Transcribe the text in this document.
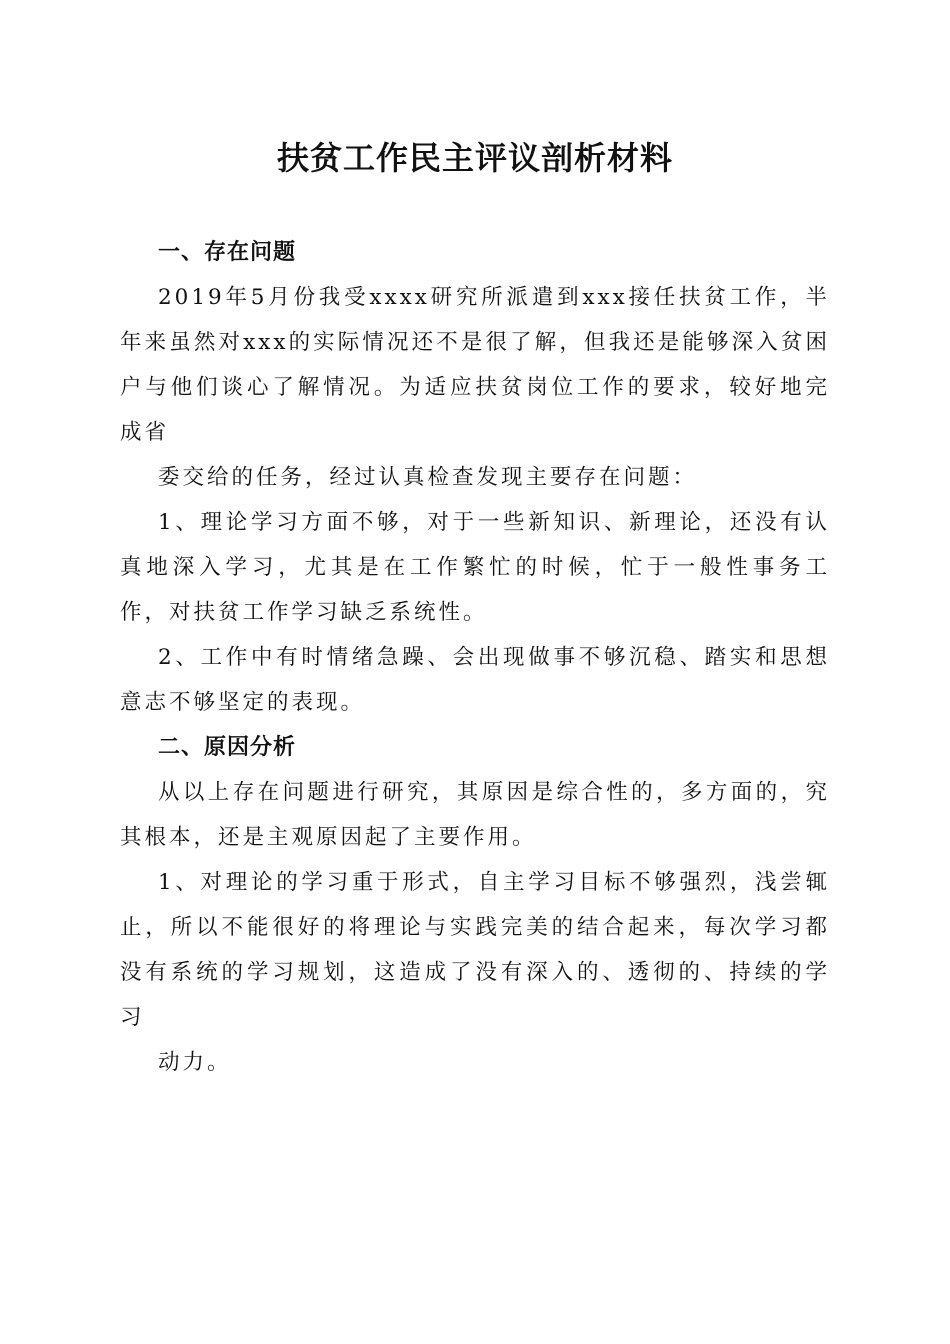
扶贫工作民主评议剖析材料
一、存在问题

2019年5月份我受xxxx研究所派遣到xxx接任扶贫工作，半年来虽然对xxx的实际情况还不是很了解，但我还是能够深入贫困户与他们谈心了解情况。为适应扶贫岗位工作的要求，较好地完成省

委交给的任务，经过认真检查发现主要存在问题：

1、理论学习方面不够，对于一些新知识、新理论，还没有认真地深入学习，尤其是在工作繁忙的时候，忙于一般性事务工作，对扶贫工作学习缺乏系统性。

2、工作中有时情绪急躁、会出现做事不够沉稳、踏实和思想意志不够坚定的表现。

二、原因分析

从以上存在问题进行研究，其原因是综合性的，多方面的，究其根本，还是主观原因起了主要作用。

1、对理论的学习重于形式，自主学习目标不够强烈，浅尝辄止，所以不能很好的将理论与实践完美的结合起来，每次学习都没有系统的学习规划，这造成了没有深入的、透彻的、持续的学习

动力。
